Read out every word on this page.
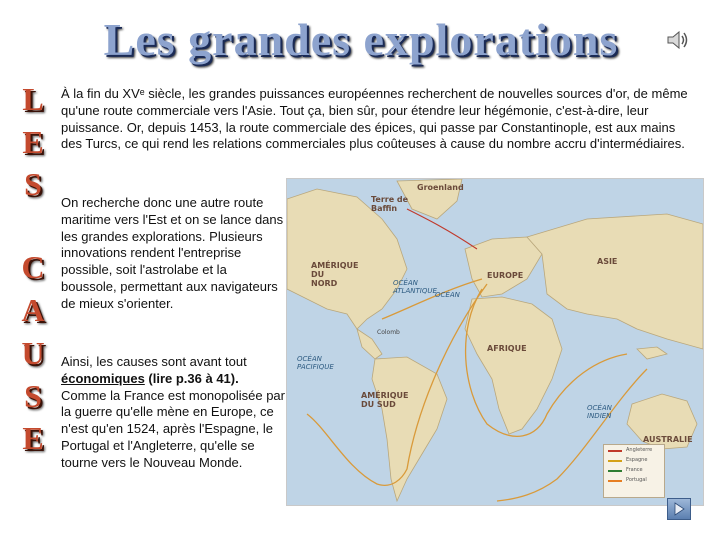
Les grandes explorations
L
E
S
C
A
U
S
E
À la fin du XVᵉ siècle, les grandes puissances européennes recherchent de nouvelles sources d'or, de même qu'une route commerciale vers l'Asie. Tout ça, bien sûr, pour étendre leur hégémonie, c'est-à-dire, leur puissance. Or, depuis 1453, la route commerciale des épices, qui passe par Constantinople, est aux mains des Turcs, ce qui rend les relations commerciales plus coûteuses à cause du nombre accru d'intermédiaires.
On recherche donc une autre route maritime vers l'Est et on se lance dans les grandes explorations. Plusieurs innovations rendent l'entreprise possible, soit l'astrolabe et la boussole, permettant aux navigateurs de mieux s'orienter.
Ainsi, les causes sont avant tout économiques (lire p.36 à 41). Comme la France est monopolisée par la guerre qu'elle mène en Europe, ce n'est qu'en 1524, après l'Espagne, le Portugal et l'Angleterre, qu'elle se tourne vers le Nouveau Monde.
Groenland
Terre de Baffin
AMÉRIQUE DU NORD
EUROPE
ASIE
AFRIQUE
AMÉRIQUE DU SUD
AUSTRALIE
OCÉAN ATLANTIQUE
OCÉAN
OCÉAN PACIFIQUE
OCÉAN INDIEN
Colomb
Angleterre
Espagne
France
Portugal
